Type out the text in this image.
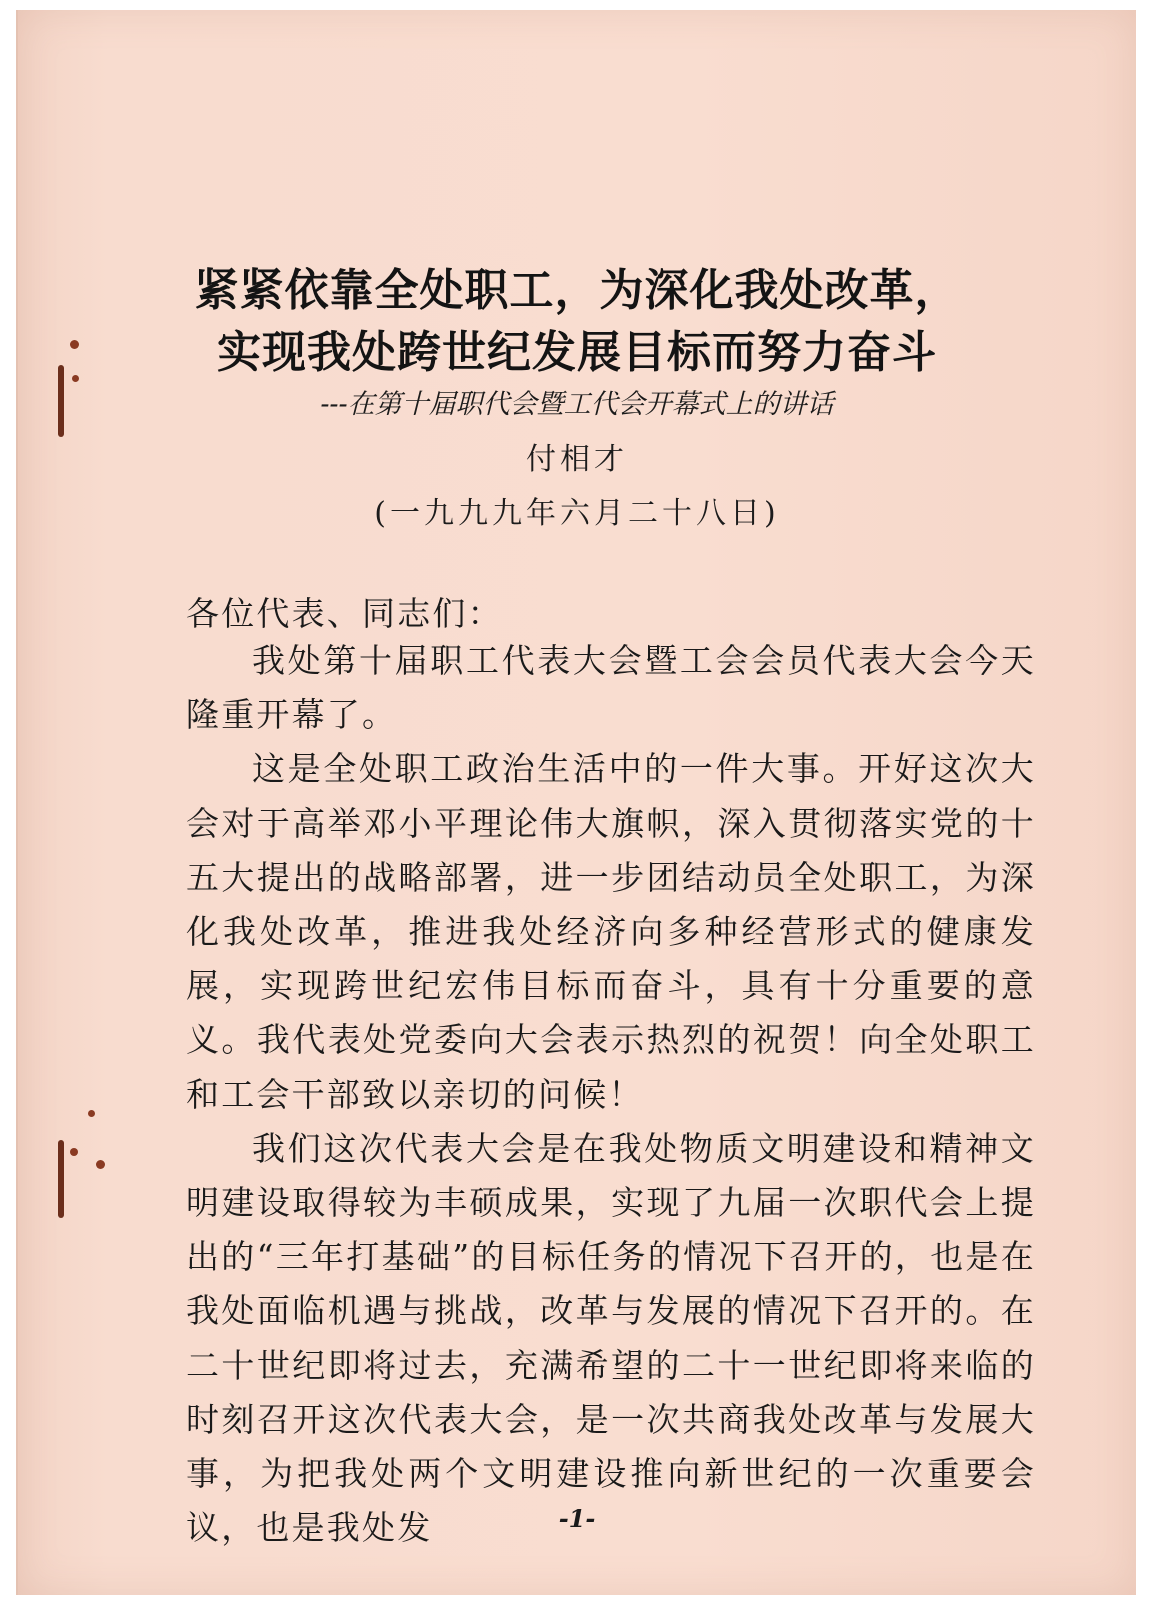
紧紧依靠全处职工，为深化我处改革，
实现我处跨世纪发展目标而努力奋斗
---在第十届职代会暨工代会开幕式上的讲话
付相才
(一九九九年六月二十八日)

各位代表、同志们：

我处第十届职工代表大会暨工会会员代表大会今天隆重开幕了。

这是全处职工政治生活中的一件大事。开好这次大会对于高举邓小平理论伟大旗帜，深入贯彻落实党的十五大提出的战略部署，进一步团结动员全处职工，为深化我处改革，推进我处经济向多种经营形式的健康发展，实现跨世纪宏伟目标而奋斗，具有十分重要的意义。我代表处党委向大会表示热烈的祝贺！向全处职工和工会干部致以亲切的问候！

我们这次代表大会是在我处物质文明建设和精神文明建设取得较为丰硕成果，实现了九届一次职代会上提出的“三年打基础”的目标任务的情况下召开的，也是在我处面临机遇与挑战，改革与发展的情况下召开的。在二十世纪即将过去，充满希望的二十一世纪即将来临的时刻召开这次代表大会，是一次共商我处改革与发展大事，为把我处两个文明建设推向新世纪的一次重要会议，也是我处发	-1-
